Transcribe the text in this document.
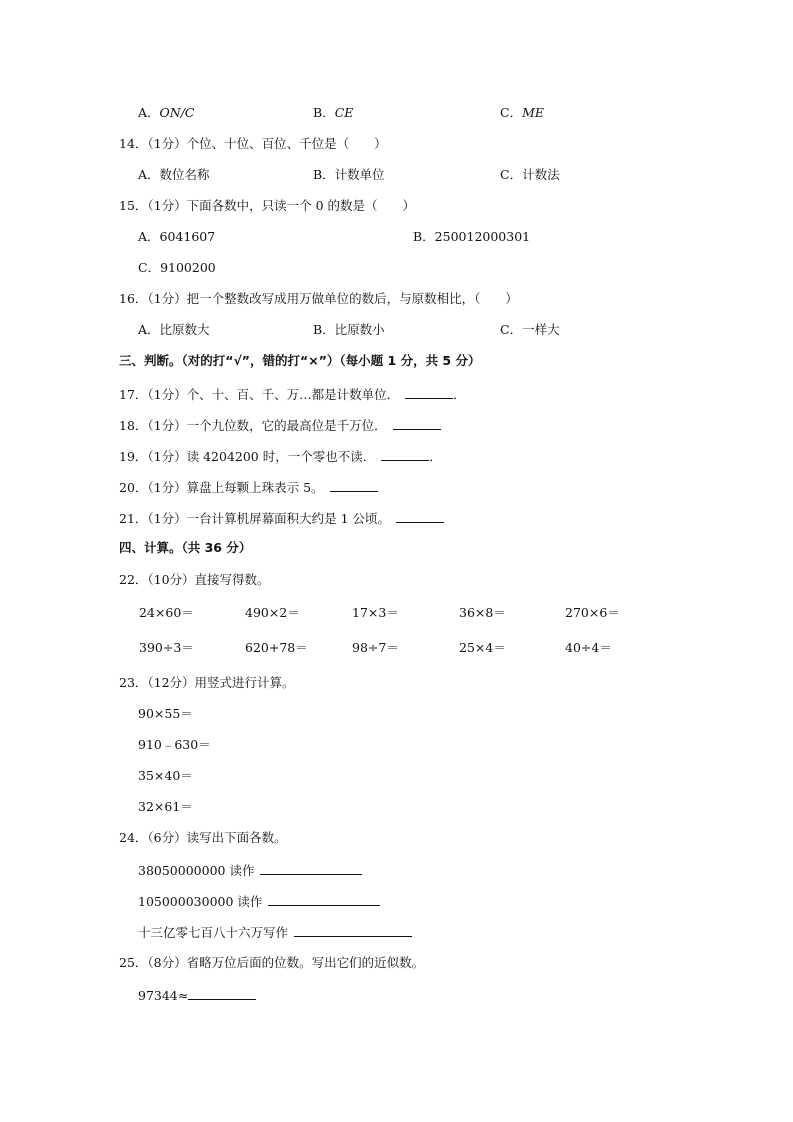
A．ON/C	B．CE	C．ME
14．（1分）个位、十位、百位、千位是（　　）
A．数位名称	B．计数单位	C．计数法
15．（1分）下面各数中，只读一个 0 的数是（　　）
A．6041607	B．250012000301
C．9100200
16．（1分）把一个整数改写成用万做单位的数后，与原数相比，（　　）
A．比原数大	B．比原数小	C．一样大
三、判断。（对的打“√”，错的打“×”）（每小题 1 分，共 5 分）
17．（1分）个、十、百、千、万…都是计数单位．	．
18．（1分）一个九位数，它的最高位是千万位．
19．（1分）读 4204200 时，一个零也不读．	．
20．（1分）算盘上每颗上珠表示 5。
21．（1分）一台计算机屏幕面积大约是 1 公顷。
四、计算。（共 36 分）
22．（10分）直接写得数。
24×60＝	490×2＝	17×3＝	36×8＝	270×6＝
390÷3＝	620+78＝	98÷7＝	25×4＝	40÷4＝
23．（12分）用竖式进行计算。
90×55＝
910﹣630＝
35×40＝
32×61＝
24．（6分）读写出下面各数。
38050000000 读作
105000030000 读作
十三亿零七百八十六万写作
25．（8分）省略万位后面的位数。写出它们的近似数。
97344≈
